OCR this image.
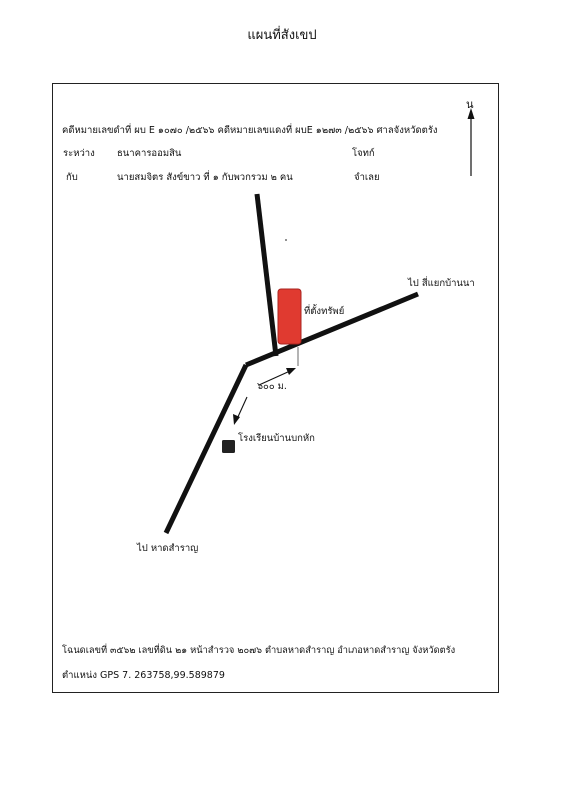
แผนที่สังเขป
คดีหมายเลขดำที่ ผบ E ๑๐๗๐ /๒๕๖๖ คดีหมายเลขแดงที่ ผบE ๑๒๗๓ /๒๕๖๖ ศาลจังหวัดตรัง
ระหว่าง ธนาคารออมสิน	โจทก์
กับ	นายสมจิตร สังข์ขาว ที่ ๑ กับพวกรวม ๒ คน	จำเลย
น
ไป สี่แยกบ้านนา
ที่ตั้งทรัพย์
๖๐๐ ม.
โรงเรียนบ้านบกหัก
ไป หาดสำราญ
โฉนดเลขที่ ๓๕๖๒ เลขที่ดิน ๒๑ หน้าสำรวจ ๒๐๗๖ ตำบลหาดสำราญ อำเภอหาดสำราญ จังหวัดตรัง
ตำแหน่ง GPS 7. 263758,99.589879
